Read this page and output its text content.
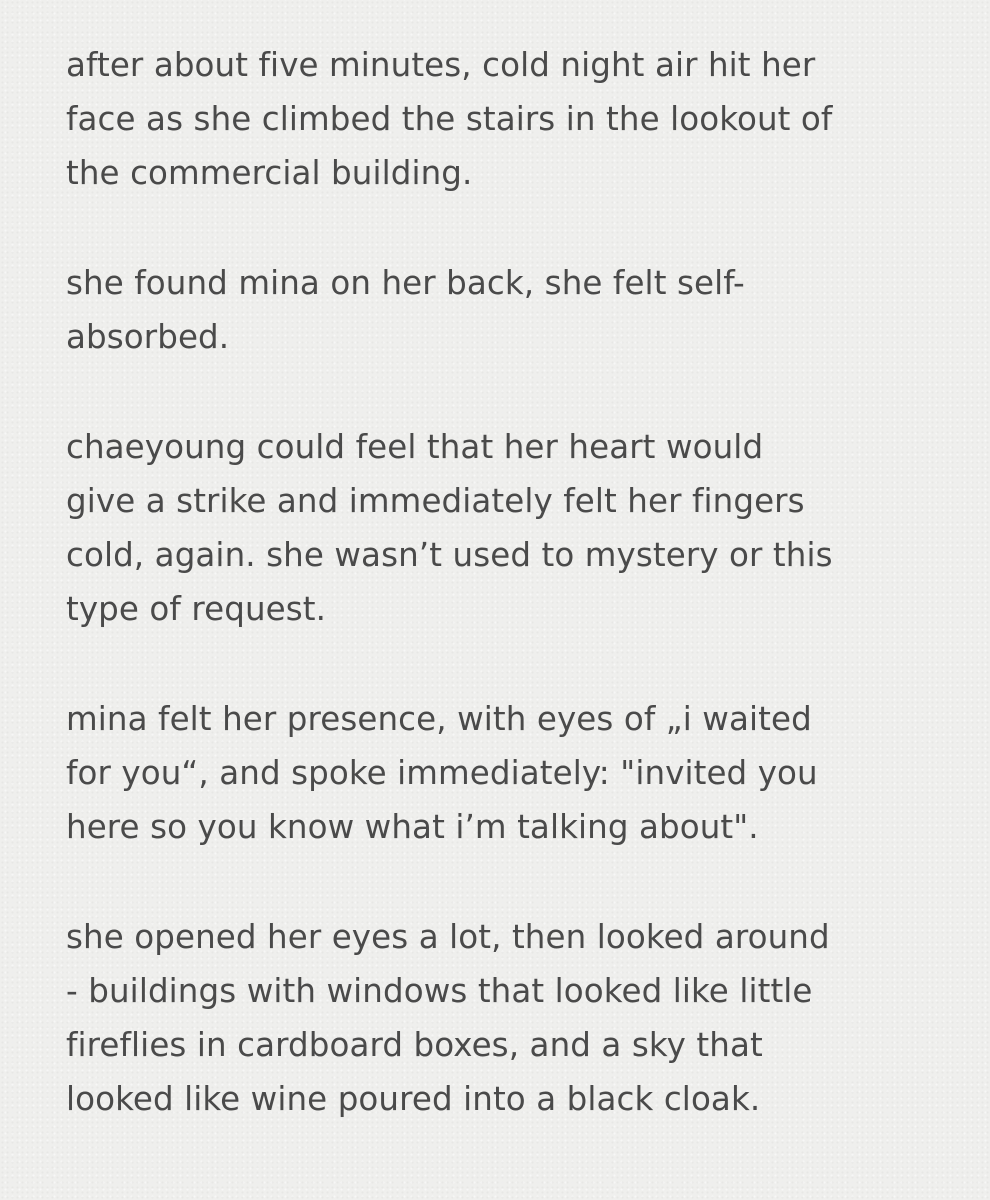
after about five minutes, cold night air hit her
face as she climbed the stairs in the lookout of
the commercial building.

she found mina on her back, she felt self-
absorbed.

chaeyoung could feel that her heart would
give a strike and immediately felt her fingers
cold, again. she wasn’t used to mystery or this
type of request.

mina felt her presence, with eyes of „i waited
for you“, and spoke immediately: "invited you
here so you know what i’m talking about".

she opened her eyes a lot, then looked around
- buildings with windows that looked like little
fireflies in cardboard boxes, and a sky that
looked like wine poured into a black cloak.
